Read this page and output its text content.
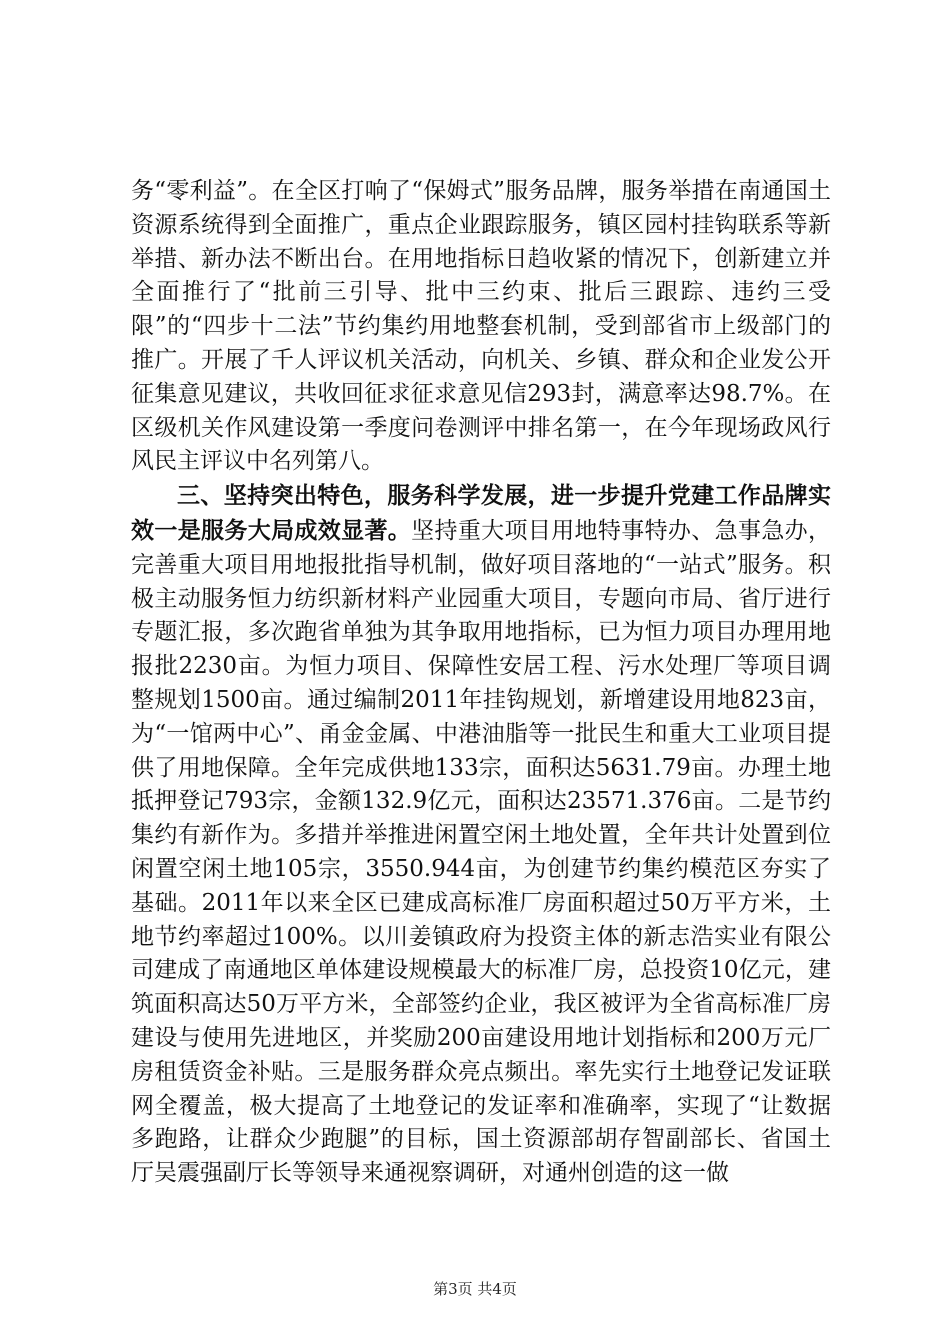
务“零利益”。在全区打响了“保姆式”服务品牌，服务举措在南通国土资源系统得到全面推广，重点企业跟踪服务，镇区园村挂钩联系等新举措、新办法不断出台。在用地指标日趋收紧的情况下，创新建立并全面推行了“批前三引导、批中三约束、批后三跟踪、违约三受限”的“四步十二法”节约集约用地整套机制，受到部省市上级部门的推广。开展了千人评议机关活动，向机关、乡镇、群众和企业发公开征集意见建议，共收回征求征求意见信293封，满意率达98.7%。在区级机关作风建设第一季度问卷测评中排名第一，在今年现场政风行风民主评议中名列第八。

三、坚持突出特色，服务科学发展，进一步提升党建工作品牌实效一是服务大局成效显著。坚持重大项目用地特事特办、急事急办，完善重大项目用地报批指导机制，做好项目落地的“一站式”服务。积极主动服务恒力纺织新材料产业园重大项目，专题向市局、省厅进行专题汇报，多次跑省单独为其争取用地指标，已为恒力项目办理用地报批2230亩。为恒力项目、保障性安居工程、污水处理厂等项目调整规划1500亩。通过编制2011年挂钩规划，新增建设用地823亩，为“一馆两中心”、甬金金属、中港油脂等一批民生和重大工业项目提供了用地保障。全年完成供地133宗，面积达5631.79亩。办理土地抵押登记793宗，金额132.9亿元，面积达23571.376亩。二是节约集约有新作为。多措并举推进闲置空闲土地处置，全年共计处置到位闲置空闲土地105宗，3550.944亩，为创建节约集约模范区夯实了基础。2011年以来全区已建成高标准厂房面积超过50万平方米，土地节约率超过100%。以川姜镇政府为投资主体的新志浩实业有限公司建成了南通地区单体建设规模最大的标准厂房，总投资10亿元，建筑面积高达50万平方米，全部签约企业，我区被评为全省高标准厂房建设与使用先进地区，并奖励200亩建设用地计划指标和200万元厂房租赁资金补贴。三是服务群众亮点频出。率先实行土地登记发证联网全覆盖，极大提高了土地登记的发证率和准确率，实现了“让数据多跑路，让群众少跑腿”的目标，国土资源部胡存智副部长、省国土厅吴震强副厅长等领导来通视察调研，对通州创造的这一做

第3页 共4页
